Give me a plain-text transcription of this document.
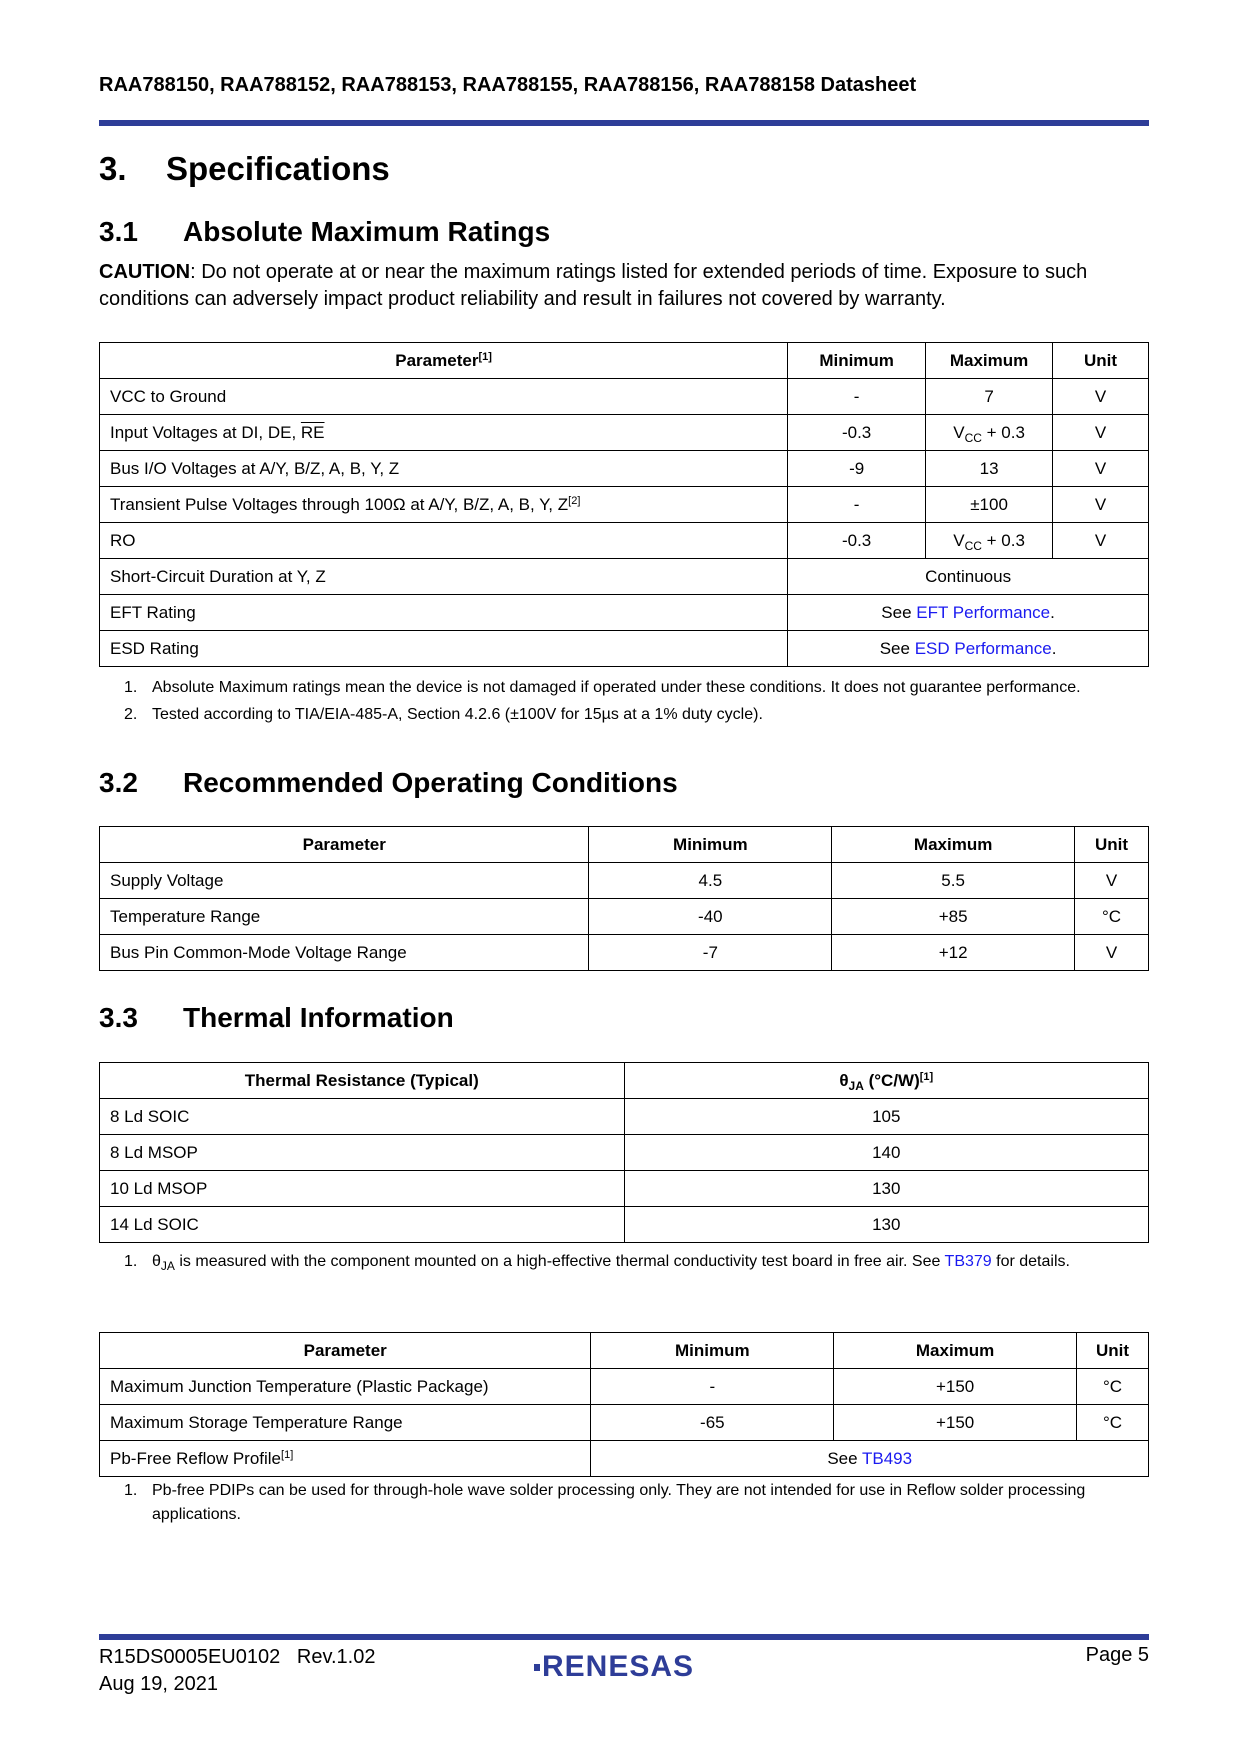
RAA788150, RAA788152, RAA788153, RAA788155, RAA788156, RAA788158 Datasheet
3. Specifications
3.1 Absolute Maximum Ratings
CAUTION: Do not operate at or near the maximum ratings listed for extended periods of time. Exposure to such conditions can adversely impact product reliability and result in failures not covered by warranty.
Parameter[1]	Minimum	Maximum	Unit
VCC to Ground	-	7	V
Input Voltages at DI, DE, $\overline{RE}$	-0.3	$V_{CC} + 0.3$	V
Bus I/O Voltages at A/Y, B/Z, A, B, Y, Z	-9	13	V
Transient Pulse Voltages through 100Ω at A/Y, B/Z, A, B, Y, Z[2]	-	±100	V
RO	-0.3	$V_{CC} + 0.3$	V
Short-Circuit Duration at Y, Z	Continuous		
EFT Rating	See EFT Performance.		
ESD Rating	See ESD Performance.		
1. Absolute Maximum ratings mean the device is not damaged if operated under these conditions. It does not guarantee performance.
2. Tested according to TIA/EIA-485-A, Section 4.2.6 (±100V for 15µs at a 1% duty cycle).
3.2 Recommended Operating Conditions
Parameter	Minimum	Maximum	Unit
Supply Voltage	4.5	5.5	V
Temperature Range	-40	+85	°C
Bus Pin Common-Mode Voltage Range	-7	+12	V
3.3 Thermal Information
Thermal Resistance (Typical)	$\theta_{JA}$ (°C/W)[1]
8 Ld SOIC	105
8 Ld MSOP	140
10 Ld MSOP	130
14 Ld SOIC	130
1. $\theta_{JA}$ is measured with the component mounted on a high-effective thermal conductivity test board in free air. See TB379 for details.
Parameter	Minimum	Maximum	Unit
Maximum Junction Temperature (Plastic Package)	-	+150	°C
Maximum Storage Temperature Range	-65	+150	°C
Pb-Free Reflow Profile[1]	See TB493		
1. Pb-free PDIPs can be used for through-hole wave solder processing only. They are not intended for use in Reflow solder processing applications.
R15DS0005EU0102 Rev.1.02
Aug 19, 2021
RENESAS	Page 5
